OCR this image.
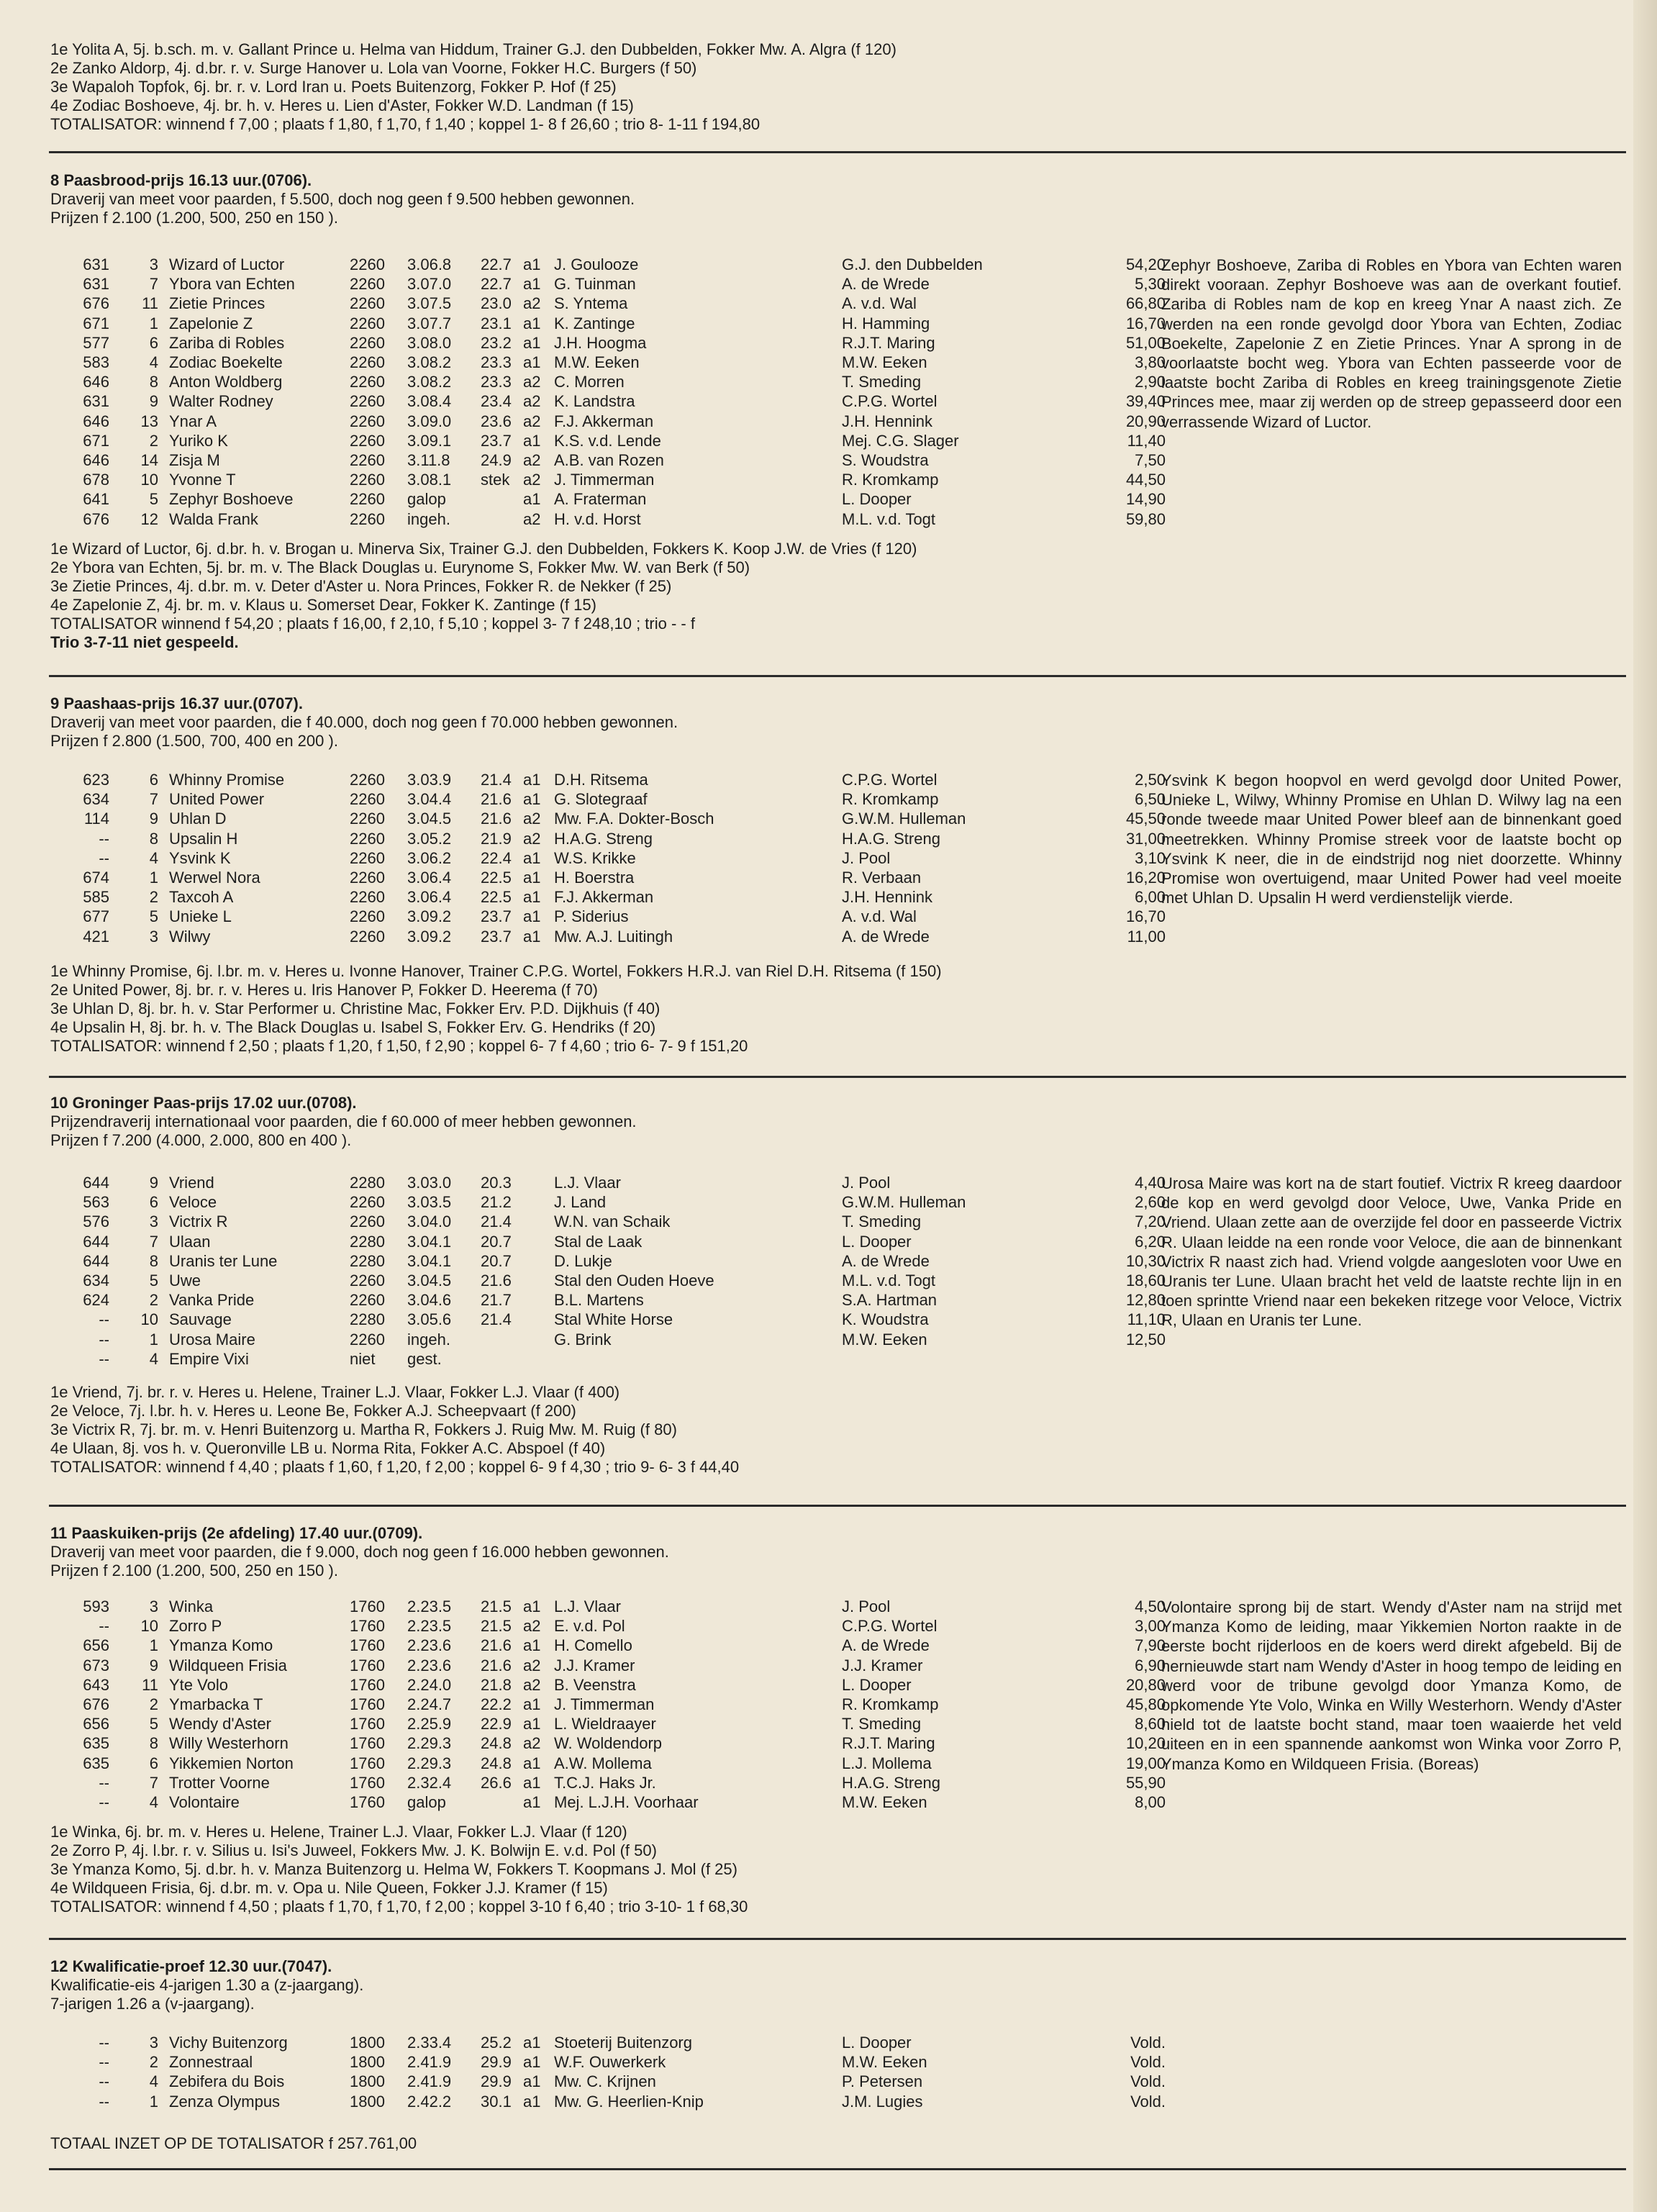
1e Yolita A, 5j. b.sch. m. v. Gallant Prince u. Helma van Hiddum, Trainer G.J. den Dubbelden, Fokker Mw. A. Algra (f 120)
2e Zanko Aldorp, 4j. d.br. r. v. Surge Hanover u. Lola van Voorne, Fokker H.C. Burgers (f 50)
3e Wapaloh Topfok, 6j. br. r. v. Lord Iran u. Poets Buitenzorg, Fokker P. Hof (f 25)
4e Zodiac Boshoeve, 4j. br. h. v. Heres u. Lien d'Aster, Fokker W.D. Landman (f 15)
TOTALISATOR: winnend f 7,00 ; plaats f 1,80, f 1,70, f 1,40 ; koppel 1- 8 f 26,60 ; trio 8- 1-11 f 194,80
8 Paasbrood-prijs 16.13 uur.(0706).
Draverij van meet voor paarden, f 5.500, doch nog geen f 9.500 hebben gewonnen.
Prijzen f 2.100 (1.200, 500, 250 en 150 ).
631	3 Wizard of Luctor	2260 3.06.8 22.7 a1 J. Goulooze	G.J. den Dubbelden	54,20
631	7 Ybora van Echten	2260 3.07.0 22.7 a1 G. Tuinman	A. de Wrede	5,30
676	11 Zietie Princes	2260 3.07.5 23.0 a2 S. Yntema	A. v.d. Wal	66,80
671	1 Zapelonie Z	2260 3.07.7 23.1 a1 K. Zantinge	H. Hamming	16,70
577	6 Zariba di Robles	2260 3.08.0 23.2 a1 J.H. Hoogma	R.J.T. Maring	51,00
583	4 Zodiac Boekelte	2260 3.08.2 23.3 a1 M.W. Eeken	M.W. Eeken	3,80
646	8 Anton Woldberg	2260 3.08.2 23.3 a2 C. Morren	T. Smeding	2,90
631	9 Walter Rodney	2260 3.08.4 23.4 a2 K. Landstra	C.P.G. Wortel	39,40
646	13 Ynar A	2260 3.09.0 23.6 a2 F.J. Akkerman	J.H. Hennink	20,90
671	2 Yuriko K	2260 3.09.1 23.7 a1 K.S. v.d. Lende	Mej. C.G. Slager	11,40
646	14 Zisja M	2260 3.11.8 24.9 a2 A.B. van Rozen	S. Woudstra	7,50
678	10 Yvonne T	2260 3.08.1 stek a2 J. Timmerman	R. Kromkamp	44,50
641	5 Zephyr Boshoeve	2260 galop	a1 A. Fraterman	L. Dooper	14,90
676	12 Walda Frank	2260 ingeh.	a2 H. v.d. Horst	M.L. v.d. Togt	59,80
Zephyr Boshoeve, Zariba di Robles en Ybora van Echten waren direkt vooraan. Zephyr Boshoeve was aan de overkant foutief. Zariba di Robles nam de kop en kreeg Ynar A naast zich. Ze werden na een ronde gevolgd door Ybora van Echten, Zodiac Boekelte, Zapelonie Z en Zietie Princes. Ynar A sprong in de voorlaatste bocht weg. Ybora van Echten passeerde voor de laatste bocht Zariba di Robles en kreeg trainingsgenote Zietie Princes mee, maar zij werden op de streep gepasseerd door een verrassende Wizard of Luctor.
1e Wizard of Luctor, 6j. d.br. h. v. Brogan u. Minerva Six, Trainer G.J. den Dubbelden, Fokkers K. Koop J.W. de Vries (f 120)
2e Ybora van Echten, 5j. br. m. v. The Black Douglas u. Eurynome S, Fokker Mw. W. van Berk (f 50)
3e Zietie Princes, 4j. d.br. m. v. Deter d'Aster u. Nora Princes, Fokker R. de Nekker (f 25)
4e Zapelonie Z, 4j. br. m. v. Klaus u. Somerset Dear, Fokker K. Zantinge (f 15)
TOTALISATOR winnend f 54,20 ; plaats f 16,00, f 2,10, f 5,10 ; koppel 3- 7 f 248,10 ; trio - - f
Trio 3-7-11 niet gespeeld.
9 Paashaas-prijs 16.37 uur.(0707).
Draverij van meet voor paarden, die f 40.000, doch nog geen f 70.000 hebben gewonnen.
Prijzen f 2.800 (1.500, 700, 400 en 200 ).
623	6 Whinny Promise	2260 3.03.9 21.4 a1 D.H. Ritsema	C.P.G. Wortel	2,50
634	7 United Power	2260 3.04.4 21.6 a1 G. Slotegraaf	R. Kromkamp	6,50
114	9 Uhlan D	2260 3.04.5 21.6 a2 Mw. F.A. Dokter-Bosch	G.W.M. Hulleman	45,50
--	8 Upsalin H	2260 3.05.2 21.9 a2 H.A.G. Streng	H.A.G. Streng	31,00
--	4 Ysvink K	2260 3.06.2 22.4 a1 W.S. Krikke	J. Pool	3,10
674	1 Werwel Nora	2260 3.06.4 22.5 a1 H. Boerstra	R. Verbaan	16,20
585	2 Taxcoh A	2260 3.06.4 22.5 a1 F.J. Akkerman	J.H. Hennink	6,00
677	5 Unieke L	2260 3.09.2 23.7 a1 P. Siderius	A. v.d. Wal	16,70
421	3 Wilwy	2260 3.09.2 23.7 a1 Mw. A.J. Luitingh	A. de Wrede	11,00
Ysvink K begon hoopvol en werd gevolgd door United Power, Unieke L, Wilwy, Whinny Promise en Uhlan D. Wilwy lag na een ronde tweede maar United Power bleef aan de binnenkant goed meetrekken. Whinny Promise streek voor de laatste bocht op Ysvink K neer, die in de eindstrijd nog niet doorzette. Whinny Promise won overtuigend, maar United Power had veel moeite met Uhlan D. Upsalin H werd verdienstelijk vierde.
1e Whinny Promise, 6j. l.br. m. v. Heres u. Ivonne Hanover, Trainer C.P.G. Wortel, Fokkers H.R.J. van Riel D.H. Ritsema (f 150)
2e United Power, 8j. br. r. v. Heres u. Iris Hanover P, Fokker D. Heerema (f 70)
3e Uhlan D, 8j. br. h. v. Star Performer u. Christine Mac, Fokker Erv. P.D. Dijkhuis (f 40)
4e Upsalin H, 8j. br. h. v. The Black Douglas u. Isabel S, Fokker Erv. G. Hendriks (f 20)
TOTALISATOR: winnend f 2,50 ; plaats f 1,20, f 1,50, f 2,90 ; koppel 6- 7 f 4,60 ; trio 6- 7- 9 f 151,20
10 Groninger Paas-prijs 17.02 uur.(0708).
Prijzendraverij internationaal voor paarden, die f 60.000 of meer hebben gewonnen.
Prijzen f 7.200 (4.000, 2.000, 800 en 400 ).
644	9 Vriend	2280 3.03.0 20.3	L.J. Vlaar	J. Pool	4,40
563	6 Veloce	2260 3.03.5 21.2	J. Land	G.W.M. Hulleman	2,60
576	3 Victrix R	2260 3.04.0 21.4	W.N. van Schaik	T. Smeding	7,20
644	7 Ulaan	2280 3.04.1 20.7	Stal de Laak	L. Dooper	6,20
644	8 Uranis ter Lune	2280 3.04.1 20.7	D. Lukje	A. de Wrede	10,30
634	5 Uwe	2260 3.04.5 21.6	Stal den Ouden Hoeve	M.L. v.d. Togt	18,60
624	2 Vanka Pride	2260 3.04.6 21.7	B.L. Martens	S.A. Hartman	12,80
--	10 Sauvage	2280 3.05.6 21.4	Stal White Horse	K. Woudstra	11,10
--	1 Urosa Maire	2260 ingeh.	G. Brink	M.W. Eeken	12,50
--	4 Empire Vixi	niet gest.
Urosa Maire was kort na de start foutief. Victrix R kreeg daardoor de kop en werd gevolgd door Veloce, Uwe, Vanka Pride en Vriend. Ulaan zette aan de overzijde fel door en passeerde Victrix R. Ulaan leidde na een ronde voor Veloce, die aan de binnenkant Victrix R naast zich had. Vriend volgde aangesloten voor Uwe en Uranis ter Lune. Ulaan bracht het veld de laatste rechte lijn in en toen sprintte Vriend naar een bekeken ritzege voor Veloce, Victrix R, Ulaan en Uranis ter Lune.
1e Vriend, 7j. br. r. v. Heres u. Helene, Trainer L.J. Vlaar, Fokker L.J. Vlaar (f 400)
2e Veloce, 7j. l.br. h. v. Heres u. Leone Be, Fokker A.J. Scheepvaart (f 200)
3e Victrix R, 7j. br. m. v. Henri Buitenzorg u. Martha R, Fokkers J. Ruig Mw. M. Ruig (f 80)
4e Ulaan, 8j. vos h. v. Queronville LB u. Norma Rita, Fokker A.C. Abspoel (f 40)
TOTALISATOR: winnend f 4,40 ; plaats f 1,60, f 1,20, f 2,00 ; koppel 6- 9 f 4,30 ; trio 9- 6- 3 f 44,40
11 Paaskuiken-prijs (2e afdeling) 17.40 uur.(0709).
Draverij van meet voor paarden, die f 9.000, doch nog geen f 16.000 hebben gewonnen.
Prijzen f 2.100 (1.200, 500, 250 en 150 ).
593	3 Winka	1760 2.23.5 21.5 a1 L.J. Vlaar	J. Pool	4,50
--	10 Zorro P	1760 2.23.5 21.5 a2 E. v.d. Pol	C.P.G. Wortel	3,00
656	1 Ymanza Komo	1760 2.23.6 21.6 a1 H. Comello	A. de Wrede	7,90
673	9 Wildqueen Frisia	1760 2.23.6 21.6 a2 J.J. Kramer	J.J. Kramer	6,90
643	11 Yte Volo	1760 2.24.0 21.8 a2 B. Veenstra	L. Dooper	20,80
676	2 Ymarbacka T	1760 2.24.7 22.2 a1 J. Timmerman	R. Kromkamp	45,80
656	5 Wendy d'Aster	1760 2.25.9 22.9 a1 L. Wieldraayer	T. Smeding	8,60
635	8 Willy Westerhorn	1760 2.29.3 24.8 a2 W. Woldendorp	R.J.T. Maring	10,20
635	6 Yikkemien Norton	1760 2.29.3 24.8 a1 A.W. Mollema	L.J. Mollema	19,00
--	7 Trotter Voorne	1760 2.32.4 26.6 a1 T.C.J. Haks Jr.	H.A.G. Streng	55,90
--	4 Volontaire	1760 galop	a1 Mej. L.J.H. Voorhaar	M.W. Eeken	8,00
Volontaire sprong bij de start. Wendy d'Aster nam na strijd met Ymanza Komo de leiding, maar Yikkemien Norton raakte in de eerste bocht rijderloos en de koers werd direkt afgebeld. Bij de hernieuwde start nam Wendy d'Aster in hoog tempo de leiding en werd voor de tribune gevolgd door Ymanza Komo, de opkomende Yte Volo, Winka en Willy Westerhorn. Wendy d'Aster hield tot de laatste bocht stand, maar toen waaierde het veld uiteen en in een spannende aankomst won Winka voor Zorro P, Ymanza Komo en Wildqueen Frisia. (Boreas)
1e Winka, 6j. br. m. v. Heres u. Helene, Trainer L.J. Vlaar, Fokker L.J. Vlaar (f 120)
2e Zorro P, 4j. l.br. r. v. Silius u. Isi's Juweel, Fokkers Mw. J. K. Bolwijn E. v.d. Pol (f 50)
3e Ymanza Komo, 5j. d.br. h. v. Manza Buitenzorg u. Helma W, Fokkers T. Koopmans J. Mol (f 25)
4e Wildqueen Frisia, 6j. d.br. m. v. Opa u. Nile Queen, Fokker J.J. Kramer (f 15)
TOTALISATOR: winnend f 4,50 ; plaats f 1,70, f 1,70, f 2,00 ; koppel 3-10 f 6,40 ; trio 3-10- 1 f 68,30
12 Kwalificatie-proef 12.30 uur.(7047).
Kwalificatie-eis 4-jarigen 1.30 a (z-jaargang).
7-jarigen 1.26 a (v-jaargang).
--	3 Vichy Buitenzorg	1800 2.33.4 25.2 a1 Stoeterij Buitenzorg	L. Dooper	Vold.
--	2 Zonnestraal	1800 2.41.9 29.9 a1 W.F. Ouwerkerk	M.W. Eeken	Vold.
--	4 Zebifera du Bois	1800 2.41.9 29.9 a1 Mw. C. Krijnen	P. Petersen	Vold.
--	1 Zenza Olympus	1800 2.42.2 30.1 a1 Mw. G. Heerlien-Knip	J.M. Lugies	Vold.
TOTAAL INZET OP DE TOTALISATOR f 257.761,00
